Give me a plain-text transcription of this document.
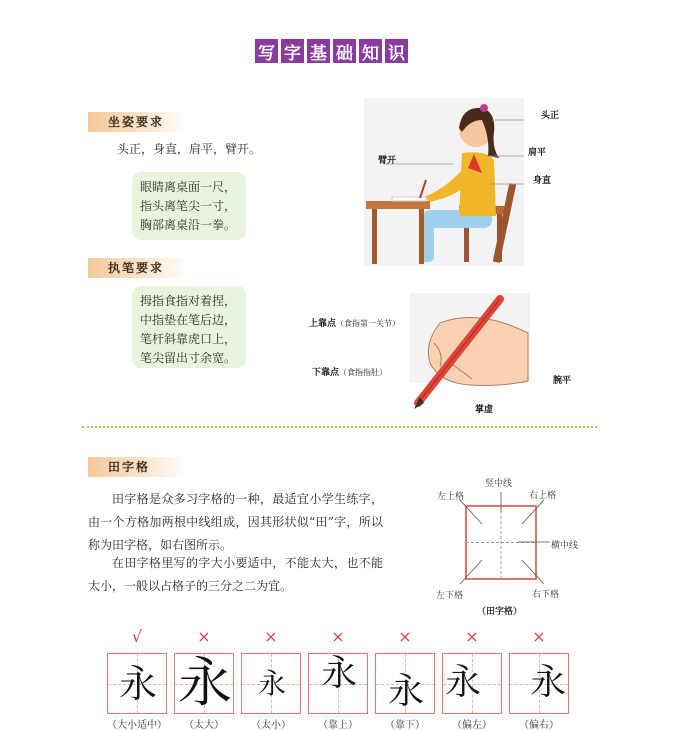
写 字 基 础 知 识
坐姿要求
头正，身直，肩平，臂开。
眼睛离桌面一尺，
指头离笔尖一寸，
胸部离桌沿一拳。
头正
臂开
肩平
身直
执笔要求
拇指食指对着捏，
中指垫在笔后边，
笔杆斜靠虎口上，
笔尖留出寸余宽。
上靠点（食指第一关节）
下靠点（食指指肚）
腕平
掌虚
田字格
田字格是众多习字格的一种，最适宜小学生练字，由一个方格加两根中线组成，因其形状似“田”字，所以称为田字格，如右图所示。
在田字格里写的字大小要适中，不能太大，也不能太小，一般以占格子的三分之二为宜。
竖中线
左上格	右上格
横中线
左下格	右下格
（田字格）
√	×	×	×	×	×	×
永 永 永 永 永 永 永
（大小适中）	（太大）	（太小）	（靠上）	（靠下）	（偏左）	（偏右）
